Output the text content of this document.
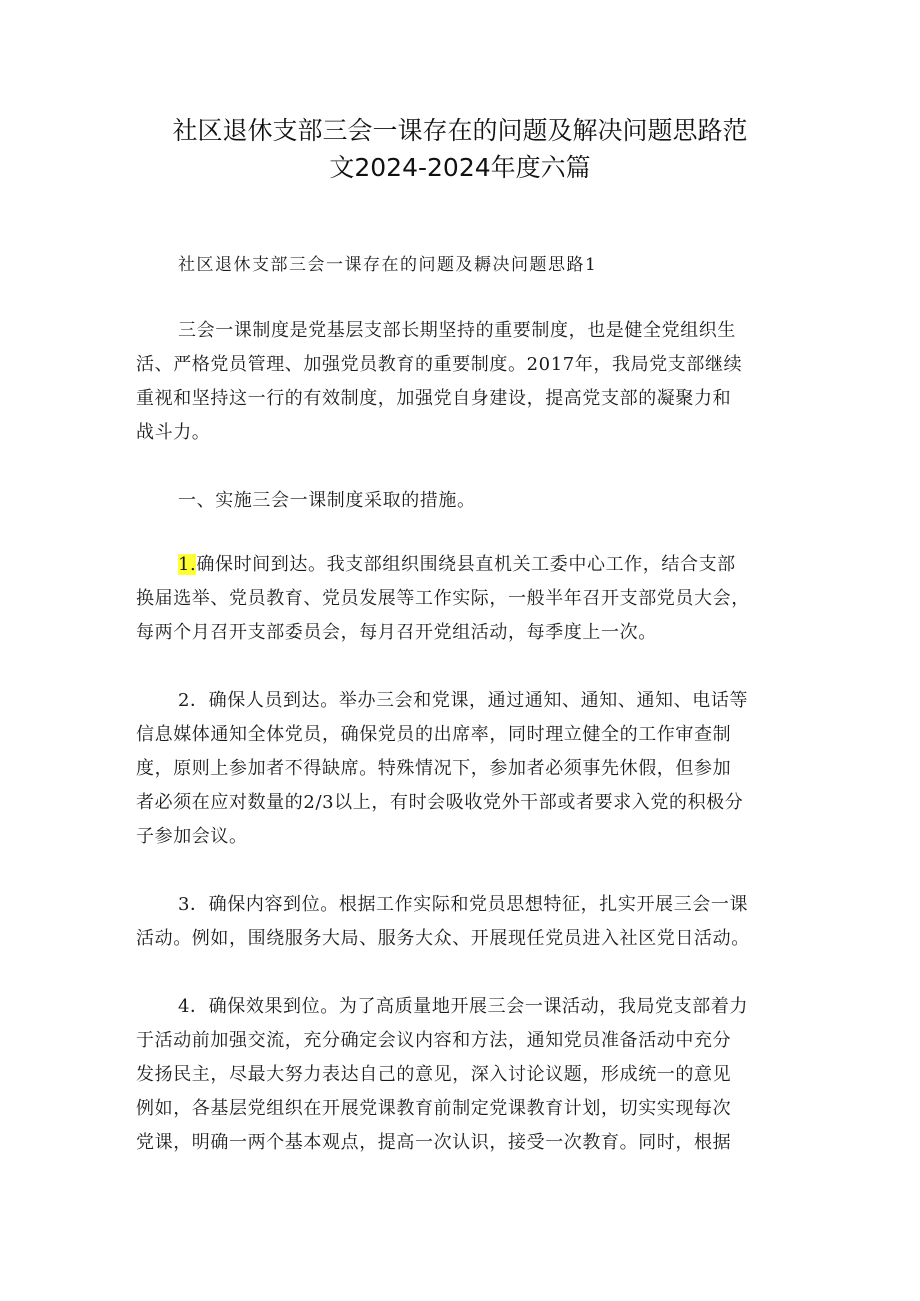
社区退休支部三会一课存在的问题及解决问题思路范
文2024-2024年度六篇
社区退休支部三会一课存在的问题及耨决问题思路1
三会一课制度是党基层支部长期坚持的重要制度，也是健全党组织生
活、严格党员管理、加强党员教育的重要制度。2017年，我局党支部继续
重视和坚持这一行的有效制度，加强党自身建设，提高党支部的凝聚力和
战斗力。
一、实施三会一课制度采取的措施。
1.确保时间到达。我支部组织围绕县直机关工委中心工作，结合支部
换届选举、党员教育、党员发展等工作实际，一般半年召开支部党员大会，
每两个月召开支部委员会，每月召开党组活动，每季度上一次。
2．确保人员到达。举办三会和党课，通过通知、通知、通知、电话等
信息媒体通知全体党员，确保党员的出席率，同时理立健全的工作审查制
度，原则上参加者不得缺席。特殊情况下，参加者必须事先休假，但参加
者必须在应对数量的2/3以上，有时会吸收党外干部或者要求入党的积极分
子参加会议。
3．确保内容到位。根据工作实际和党员思想特征，扎实开展三会一课
活动。例如，围绕服务大局、服务大众、开展现任党员进入社区党日活动。
4．确保效果到位。为了高质量地开展三会一课活动，我局党支部着力
于活动前加强交流，充分确定会议内容和方法，通知党员准备活动中充分
发扬民主，尽最大努力表达自己的意见，深入讨论议题，形成统一的意见
例如，各基层党组织在开展党课教育前制定党课教育计划，切实实现每次
党课，明确一两个基本观点，提高一次认识，接受一次教育。同时，根据
